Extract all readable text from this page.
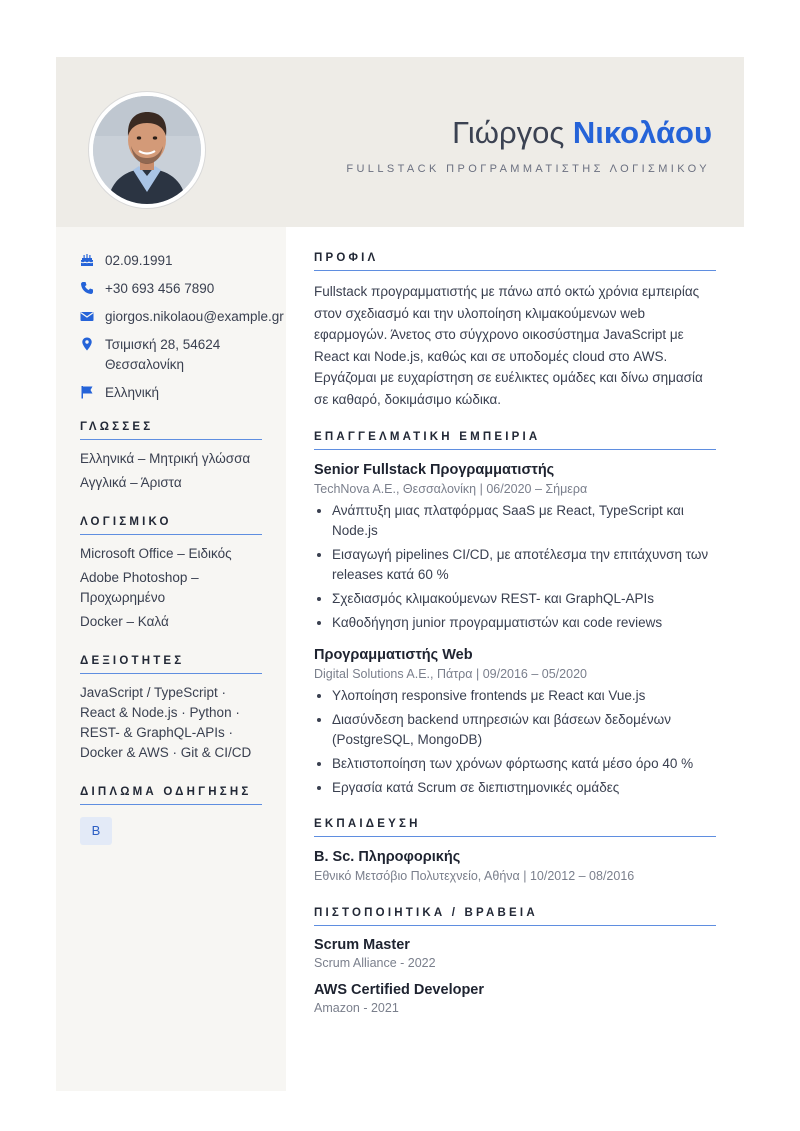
Γιώργος Νικολάου
FULLSTACK ΠΡΟΓΡΑΜΜΑΤΙΣΤΗΣ ΛΟΓΙΣΜΙΚΟΥ
02.09.1991
+30 693 456 7890
giorgos.nikolaou@example.gr
Τσιμισκή 28, 54624
Θεσσαλονίκη
Ελληνική
ΓΛΩΣΣΕΣ
Ελληνικά – Μητρική γλώσσα
Αγγλικά – Άριστα
ΛΟΓΙΣΜΙΚΟ
Microsoft Office – Ειδικός
Adobe Photoshop – Προχωρημένο
Docker – Καλά
ΔΕΞΙΟΤΗΤΕΣ
JavaScript / TypeScript · React & Node.js · Python · REST- & GraphQL-APIs · Docker & AWS · Git & CI/CD
ΔΙΠΛΩΜΑ ΟΔΗΓΗΣΗΣ
B
ΠΡΟΦΙΛ

Fullstack προγραμματιστής με πάνω από οκτώ χρόνια εμπειρίας στον σχεδιασμό και την υλοποίηση κλιμακούμενων web εφαρμογών. Άνετος στο σύγχρονο οικοσύστημα JavaScript με React και Node.js, καθώς και σε υποδομές cloud στο AWS. Εργάζομαι με ευχαρίστηση σε ευέλικτες ομάδες και δίνω σημασία σε καθαρό, δοκιμάσιμο κώδικα.

ΕΠΑΓΓΕΛΜΑΤΙΚΗ ΕΜΠΕΙΡΙΑ
Senior Fullstack Προγραμματιστής
TechNova A.E., Θεσσαλονίκη | 06/2020 – Σήμερα
• Ανάπτυξη μιας πλατφόρμας SaaS με React, TypeScript και Node.js
• Εισαγωγή pipelines CI/CD, με αποτέλεσμα την επιτάχυνση των releases κατά 60 %
• Σχεδιασμός κλιμακούμενων REST- και GraphQL-APIs
• Καθοδήγηση junior προγραμματιστών και code reviews
Προγραμματιστής Web
Digital Solutions A.E., Πάτρα | 09/2016 – 05/2020
• Υλοποίηση responsive frontends με React και Vue.js
• Διασύνδεση backend υπηρεσιών και βάσεων δεδομένων (PostgreSQL, MongoDB)
• Βελτιστοποίηση των χρόνων φόρτωσης κατά μέσο όρο 40 %
• Εργασία κατά Scrum σε διεπιστημονικές ομάδες
ΕΚΠΑΙΔΕΥΣΗ
B. Sc. Πληροφορικής
Εθνικό Μετσόβιο Πολυτεχνείο, Αθήνα | 10/2012 – 08/2016
ΠΙΣΤΟΠΟΙΗΤΙΚΑ / ΒΡΑΒΕΙΑ
Scrum Master
Scrum Alliance - 2022
AWS Certified Developer
Amazon - 2021
